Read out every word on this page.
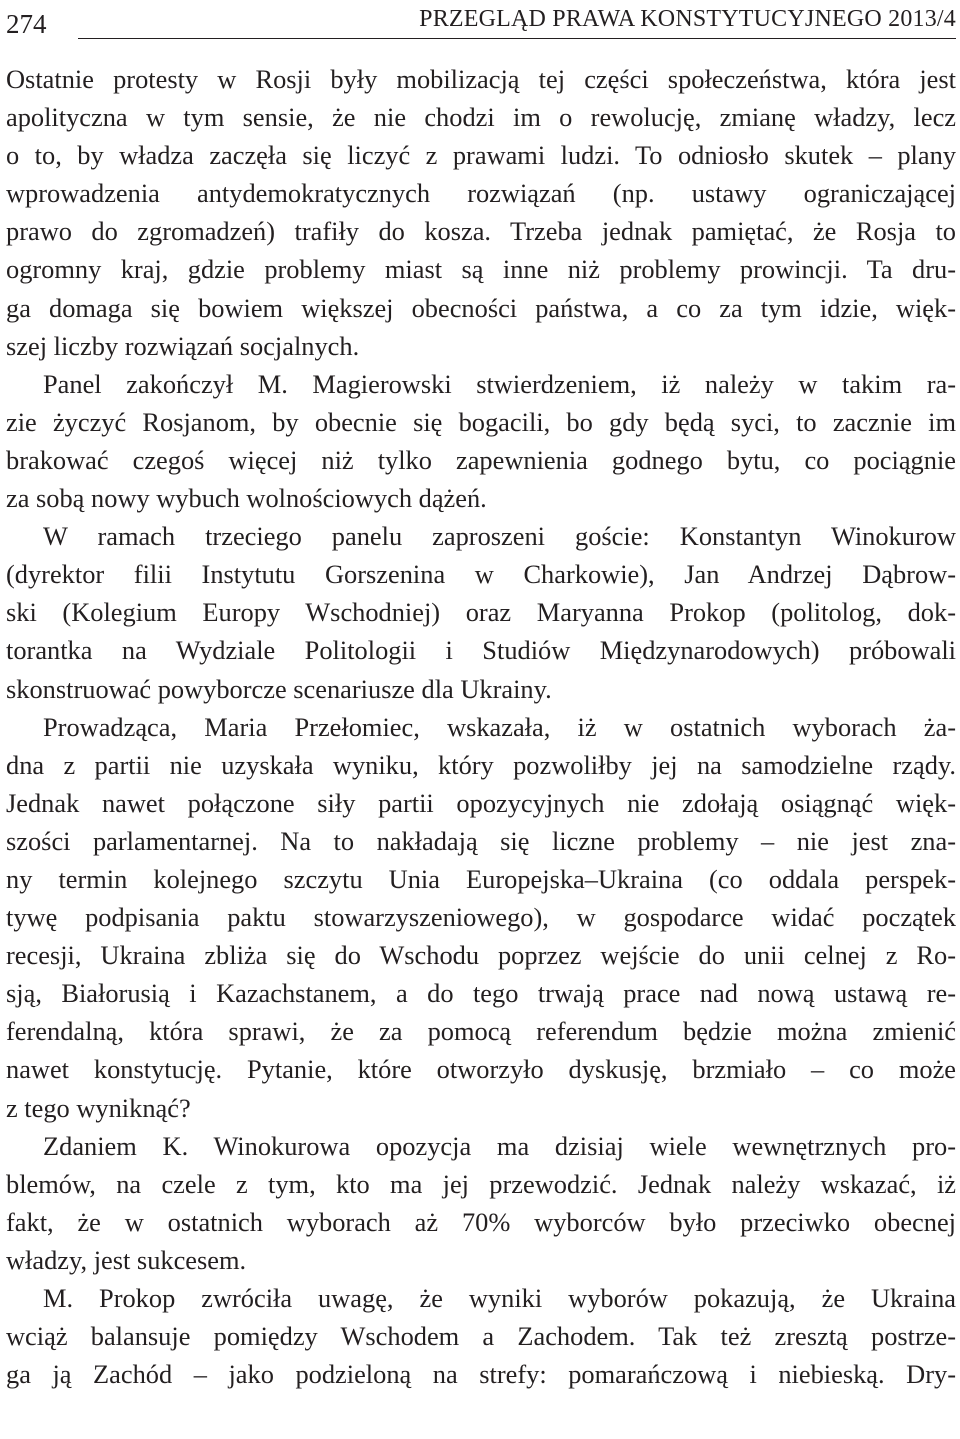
274	PRZEGLĄD PRAWA KONSTYTUCYJNEGO 2013/4

Ostatnie protesty w Rosji były mobilizacją tej części społeczeństwa, która jest
apolityczna w tym sensie, że nie chodzi im o rewolucję, zmianę władzy, lecz
o to, by władza zaczęła się liczyć z prawami ludzi. To odniosło skutek – plany
wprowadzenia antydemokratycznych rozwiązań (np. ustawy ograniczającej
prawo do zgromadzeń) trafiły do kosza. Trzeba jednak pamiętać, że Rosja to
ogromny kraj, gdzie problemy miast są inne niż problemy prowincji. Ta dru-
ga domaga się bowiem większej obecności państwa, a co za tym idzie, więk-
szej liczby rozwiązań socjalnych.

Panel zakończył M. Magierowski stwierdzeniem, iż należy w takim ra-
zie życzyć Rosjanom, by obecnie się bogacili, bo gdy będą syci, to zacznie im
brakować czegoś więcej niż tylko zapewnienia godnego bytu, co pociągnie
za sobą nowy wybuch wolnościowych dążeń.

W ramach trzeciego panelu zaproszeni goście: Konstantyn Winokurow
(dyrektor filii Instytutu Gorszenina w Charkowie), Jan Andrzej Dąbrow-
ski (Kolegium Europy Wschodniej) oraz Maryanna Prokop (politolog, dok-
torantka na Wydziale Politologii i Studiów Międzynarodowych) próbowali
skonstruować powyborcze scenariusze dla Ukrainy.

Prowadząca, Maria Przełomiec, wskazała, iż w ostatnich wyborach ża-
dna z partii nie uzyskała wyniku, który pozwoliłby jej na samodzielne rządy.
Jednak nawet połączone siły partii opozycyjnych nie zdołają osiągnąć więk-
szości parlamentarnej. Na to nakładają się liczne problemy – nie jest zna-
ny termin kolejnego szczytu Unia Europejska–Ukraina (co oddala perspek-
tywę podpisania paktu stowarzyszeniowego), w gospodarce widać początek
recesji, Ukraina zbliża się do Wschodu poprzez wejście do unii celnej z Ro-
sją, Białorusią i Kazachstanem, a do tego trwają prace nad nową ustawą re-
ferendalną, która sprawi, że za pomocą referendum będzie można zmienić
nawet konstytucję. Pytanie, które otworzyło dyskusję, brzmiało – co może
z tego wyniknąć?

Zdaniem K. Winokurowa opozycja ma dzisiaj wiele wewnętrznych pro-
blemów, na czele z tym, kto ma jej przewodzić. Jednak należy wskazać, iż
fakt, że w ostatnich wyborach aż 70% wyborców było przeciwko obecnej
władzy, jest sukcesem.

M. Prokop zwróciła uwagę, że wyniki wyborów pokazują, że Ukraina
wciąż balansuje pomiędzy Wschodem a Zachodem. Tak też zresztą postrze-
ga ją Zachód – jako podzieloną na strefy: pomarańczową i niebieską. Dry-
